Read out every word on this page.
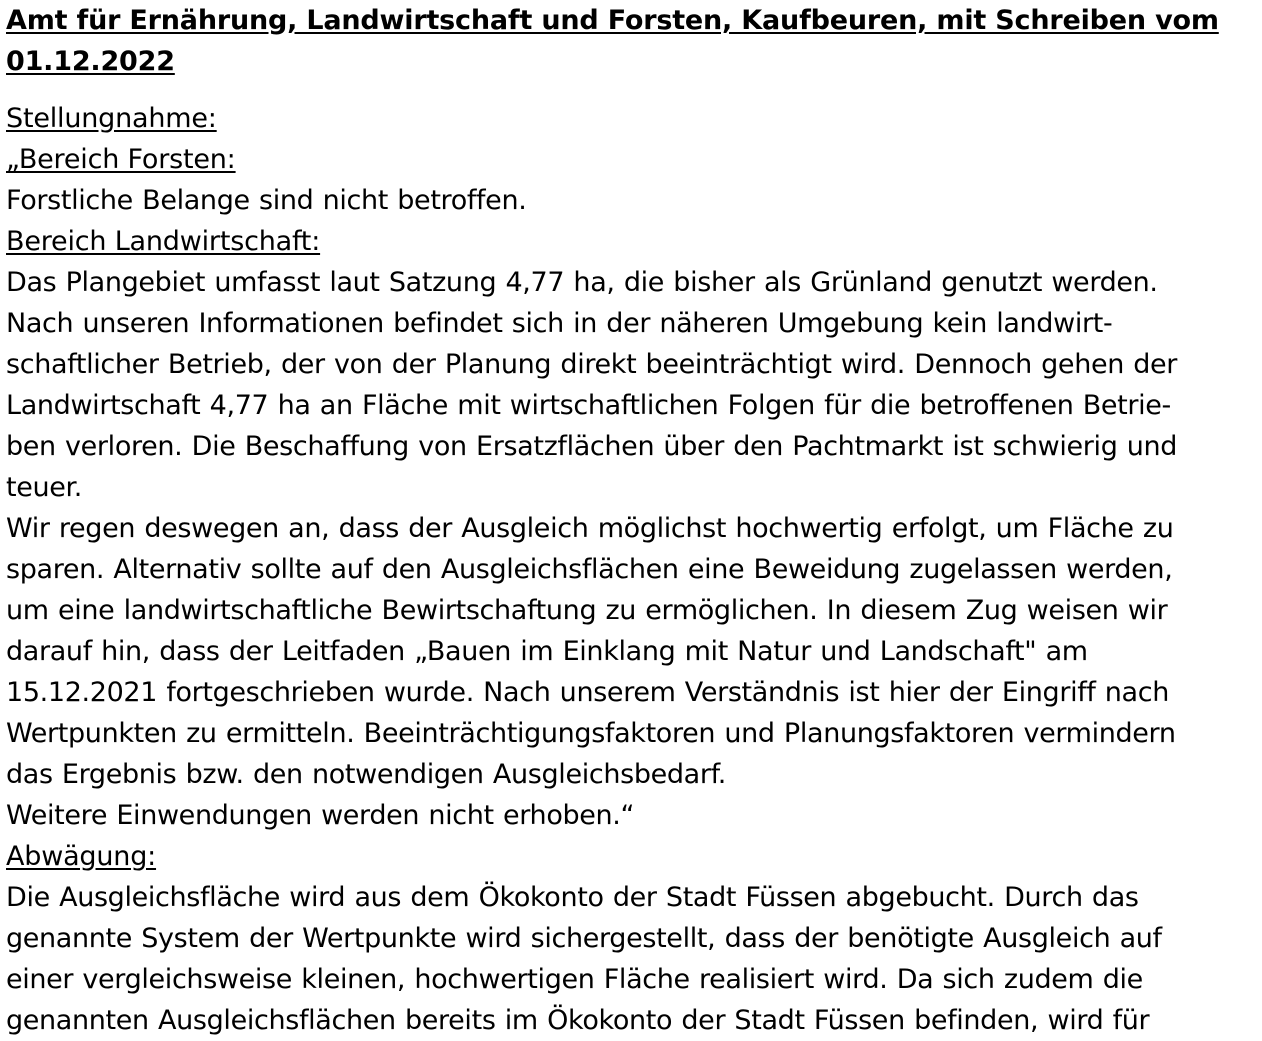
Amt für Ernährung, Landwirtschaft und Forsten, Kaufbeuren, mit Schreiben vom
01.12.2022
Stellungnahme:
„Bereich Forsten:
Forstliche Belange sind nicht betroffen.
Bereich Landwirtschaft:
Das Plangebiet umfasst laut Satzung 4,77 ha, die bisher als Grünland genutzt werden.
Nach unseren Informationen befindet sich in der näheren Umgebung kein landwirt-
schaftlicher Betrieb, der von der Planung direkt beeinträchtigt wird. Dennoch gehen der
Landwirtschaft 4,77 ha an Fläche mit wirtschaftlichen Folgen für die betroffenen Betrie-
ben verloren. Die Beschaffung von Ersatzflächen über den Pachtmarkt ist schwierig und
teuer.
Wir regen deswegen an, dass der Ausgleich möglichst hochwertig erfolgt, um Fläche zu
sparen. Alternativ sollte auf den Ausgleichsflächen eine Beweidung zugelassen werden,
um eine landwirtschaftliche Bewirtschaftung zu ermöglichen. In diesem Zug weisen wir
darauf hin, dass der Leitfaden „Bauen im Einklang mit Natur und Landschaft" am
15.12.2021 fortgeschrieben wurde. Nach unserem Verständnis ist hier der Eingriff nach
Wertpunkten zu ermitteln. Beeinträchtigungsfaktoren und Planungsfaktoren vermindern
das Ergebnis bzw. den notwendigen Ausgleichsbedarf.
Weitere Einwendungen werden nicht erhoben.“
Abwägung:
Die Ausgleichsfläche wird aus dem Ökokonto der Stadt Füssen abgebucht. Durch das
genannte System der Wertpunkte wird sichergestellt, dass der benötigte Ausgleich auf
einer vergleichsweise kleinen, hochwertigen Fläche realisiert wird. Da sich zudem die
genannten Ausgleichsflächen bereits im Ökokonto der Stadt Füssen befinden, wird für
